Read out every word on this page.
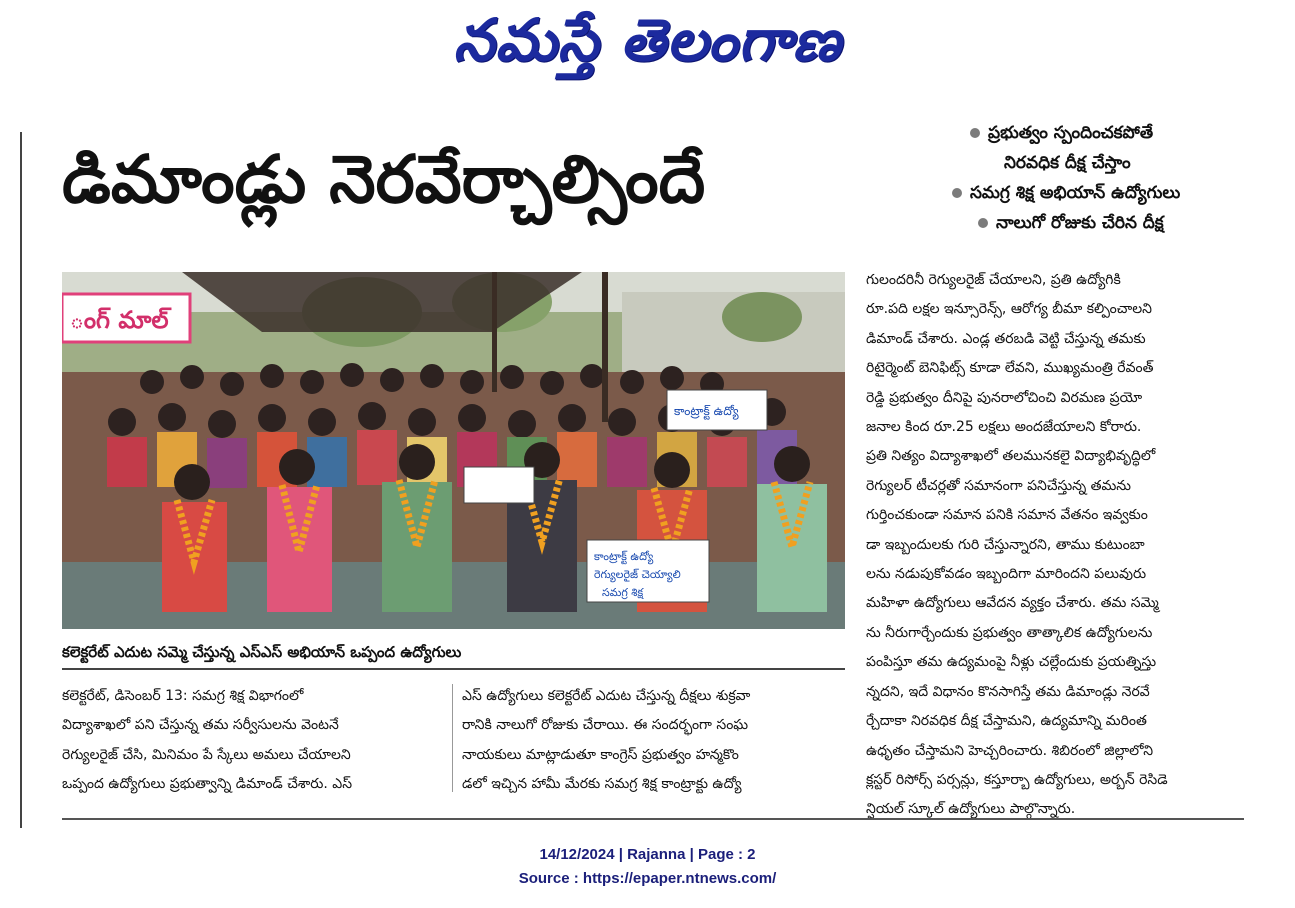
నమస్తే తెలంగాణ
డిమాండ్లు నెరవేర్చాల్సిందే
ప్రభుత్వం స్పందించకపోతే
నిరవధిక దీక్ష చేస్తాం
సమగ్ర శిక్ష అభియాన్ ఉద్యోగులు
నాలుగో రోజుకు చేరిన దీక్ష
ంగ్ మాల్
కాంట్రాక్ట్ ఉద్యో
కాంట్రాక్ట్ ఉద్యో
రెగ్యులరైజ్ చెయ్యాలి
సమగ్ర శిక్ష
కలెక్టరేట్ ఎదుట సమ్మె చేస్తున్న ఎస్ఎస్ అభియాన్ ఒప్పంద ఉద్యోగులు

కలెక్టరేట్, డిసెంబర్ 13: సమగ్ర శిక్ష విభాగంలో

విద్యాశాఖలో పని చేస్తున్న తమ సర్వీసులను వెంటనే

రెగ్యులరైజ్ చేసి, మినిమం పే స్కేలు అమలు చేయాలని

ఒప్పంద ఉద్యోగులు ప్రభుత్వాన్ని డిమాండ్ చేశారు. ఎస్

ఎస్ ఉద్యోగులు కలెక్టరేట్ ఎదుట చేస్తున్న దీక్షలు శుక్రవా

రానికి నాలుగో రోజుకు చేరాయి. ఈ సందర్భంగా సంఘ

నాయకులు మాట్లాడుతూ కాంగ్రెస్ ప్రభుత్వం హన్మకొం

డలో ఇచ్చిన హామీ మేరకు సమగ్ర శిక్ష కాంట్రాక్టు ఉద్యో

గులందరినీ రెగ్యులరైజ్ చేయాలని, ప్రతి ఉద్యోగికి

రూ.పది లక్షల ఇన్సూరెన్స్, ఆరోగ్య బీమా కల్పించాలని

డిమాండ్ చేశారు. ఎండ్ల తరబడి వెట్టి చేస్తున్న తమకు

రిటైర్మెంట్ బెనిఫిట్స్ కూడా లేవని, ముఖ్యమంత్రి రేవంత్

రెడ్డి ప్రభుత్వం దీనిపై పునరాలోచించి విరమణ ప్రయో

జనాల కింద రూ.25 లక్షలు అందజేయాలని కోరారు.

ప్రతి నిత్యం విద్యాశాఖలో తలమునకలై విద్యాభివృద్ధిలో

రెగ్యులర్ టీచర్లతో సమానంగా పనిచేస్తున్న తమను

గుర్తించకుండా సమాన పనికి సమాన వేతనం ఇవ్వకుం

డా ఇబ్బందులకు గురి చేస్తున్నారని, తాము కుటుంబా

లను నడుపుకోవడం ఇబ్బందిగా మారిందని పలువురు

మహిళా ఉద్యోగులు ఆవేదన వ్యక్తం చేశారు. తమ సమ్మె

ను నీరుగార్చేందుకు ప్రభుత్వం తాత్కాలిక ఉద్యోగులను

పంపిస్తూ తమ ఉద్యమంపై నీళ్లు చల్లేందుకు ప్రయత్నిస్తు

న్నదని, ఇదే విధానం కొనసాగిస్తే తమ డిమాండ్లు నెరవే

ర్చేదాకా నిరవధిక దీక్ష చేస్తామని, ఉద్యమాన్ని మరింత

ఉధృతం చేస్తామని హెచ్చరించారు. శిబిరంలో జిల్లాలోని

క్లస్టర్ రిసోర్స్ పర్సన్లు, కస్తూర్బా ఉద్యోగులు, అర్బన్ రెసిడె

న్షియల్ స్కూల్ ఉద్యోగులు పాల్గొన్నారు.

14/12/2024 | Rajanna | Page : 2
Source : https://epaper.ntnews.com/
